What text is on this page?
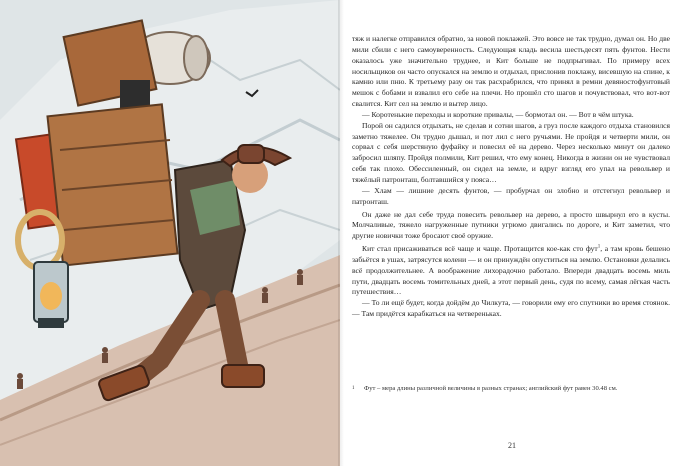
тяж и налегке отправился обратно, за новой поклажей. Это вовсе не так трудно, думал он. Но две мили сбили с него самоуверенность. Следующая кладь весила шестьдесят пять фунтов. Нести оказалось уже значительно труднее, и Кит больше не подпрыгивал. По примеру всех носильщиков он часто опускался на землю и отдыхал, прислонив поклажу, висевшую на спине, к камню или пню. К третьему разу он так расхрабрился, что принял в ремни девяностофунтовый мешок с бобами и взвалил его себе на плечи. Но прошёл сто шагов и почувствовал, что вот-вот свалится. Кит сел на землю и вытер лицо.

— Коротенькие переходы и короткие привалы, — бормотал он. — Вот в чём штука.

Порой он садился отдыхать, не сделав и сотни шагов, а груз после каждого отдыха становился заметно тяжелее. Он трудно дышал, и пот лил с него ручьями. Не пройдя и четверти мили, он сорвал с себя шерстяную фуфайку и повесил её на дерево. Через несколько минут он далеко забросил шляпу. Пройдя полмили, Кит решил, что ему конец. Никогда в жизни он не чувствовал себя так плохо. Обессиленный, он сидел на земле, и вдруг взгляд его упал на револьвер и тяжёлый патронташ, болтавшийся у пояса…

— Хлам — лишние десять фунтов, — пробурчал он злобно и отстегнул револьвер и патронташ.

Он даже не дал себе труда повесить револьвер на дерево, а просто швырнул его в кусты. Молчаливые, тяжело нагруженные путники угрюмо двигались по дороге, и Кит заметил, что другие новички тоже бросают своё оружие.

Кит стал присаживаться всё чаще и чаще. Протащится кое-как сто фут$^1$, а там кровь бешено забьётся в ушах, затрясутся колени — и он принуждён опуститься на землю. Остановки делались всё продолжительнее. А воображение лихорадочно работало. Впереди двадцать восемь миль пути, двадцать восемь томительных дней, а этот первый день, судя по всему, самая лёгкая часть путешествия…

— То ли ещё будет, когда дойдём до Чилкута, — говорили ему его спутники во время стоянок. — Там придётся карабкаться на четвереньках.

1	Фут – мера длины различной величины в разных странах; английский фут равен 30.48 см.
21
